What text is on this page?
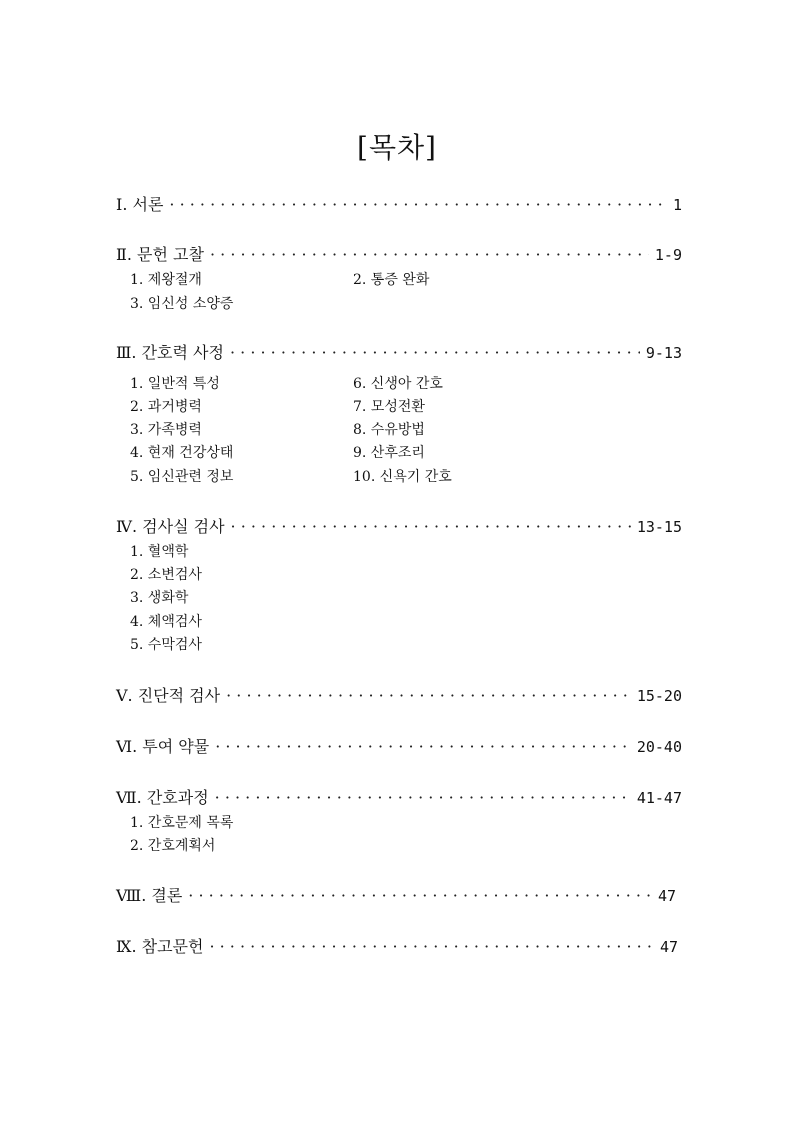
[목차]
Ⅰ. 서론 · · ·	1
Ⅱ. 문헌 고찰 · · ·	1-9
1. 제왕절개	2. 통증 완화
3. 임신성 소양증
Ⅲ. 간호력 사정 · · ·	9-13
1. 일반적 특성	6. 신생아 간호
2. 과거병력	7. 모성전환
3. 가족병력	8. 수유방법
4. 현재 건강상태	9. 산후조리
5. 임신관련 정보	10. 신욕기 간호
Ⅳ. 검사실 검사 · · ·	13-15
1. 혈액학
2. 소변검사
3. 생화학
4. 체액검사
5. 수막검사
Ⅴ. 진단적 검사 · · ·	15-20
Ⅵ. 투여 약물 · · ·	20-40
Ⅶ. 간호과정 · · ·	41-47
1. 간호문제 목록
2. 간호계획서
Ⅷ. 결론 · · ·	47
Ⅸ. 참고문헌 · · ·	47
